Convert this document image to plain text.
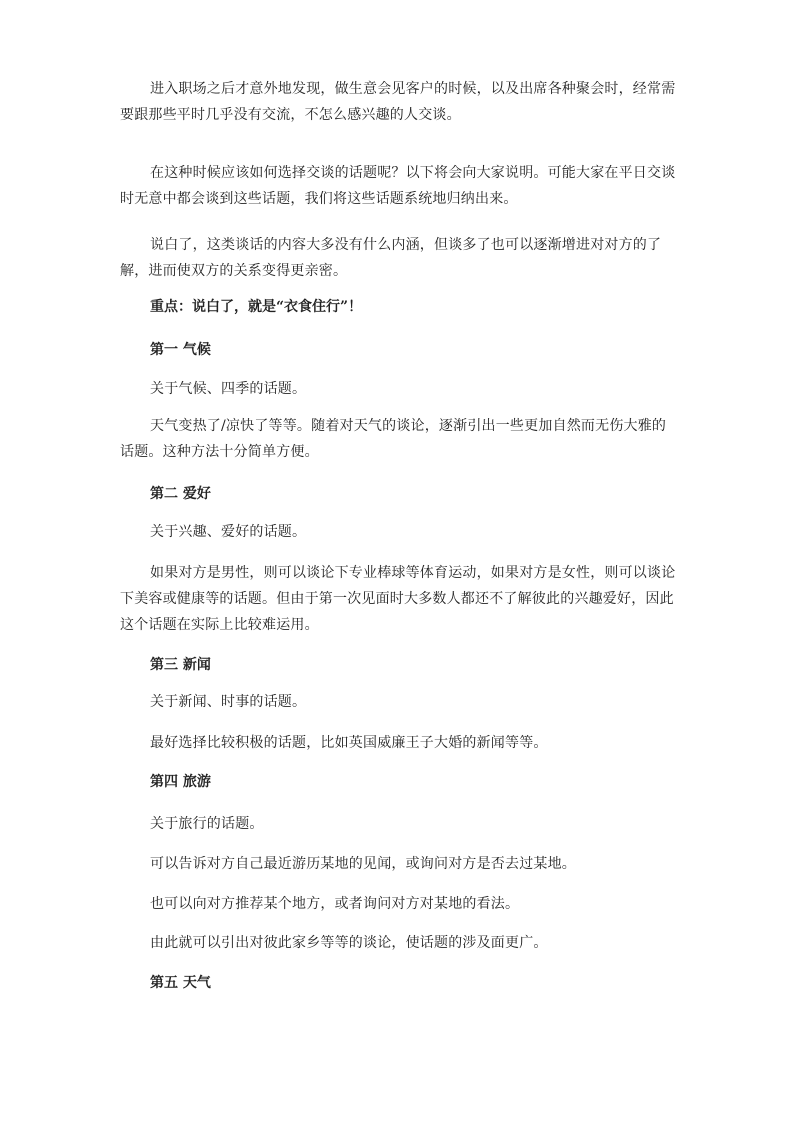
进入职场之后才意外地发现，做生意会见客户的时候，以及出席各种聚会时，经常需要跟那些平时几乎没有交流，不怎么感兴趣的人交谈。

在这种时候应该如何选择交谈的话题呢？以下将会向大家说明。可能大家在平日交谈时无意中都会谈到这些话题，我们将这些话题系统地归纳出来。

说白了，这类谈话的内容大多没有什么内涵，但谈多了也可以逐渐增进对对方的了解，进而使双方的关系变得更亲密。

重点：说白了，就是“衣食住行”！

第一 气候

关于气候、四季的话题。

天气变热了/凉快了等等。随着对天气的谈论，逐渐引出一些更加自然而无伤大雅的话题。这种方法十分简单方便。

第二 爱好

关于兴趣、爱好的话题。

如果对方是男性，则可以谈论下专业棒球等体育运动，如果对方是女性，则可以谈论下美容或健康等的话题。但由于第一次见面时大多数人都还不了解彼此的兴趣爱好，因此这个话题在实际上比较难运用。

第三 新闻

关于新闻、时事的话题。

最好选择比较积极的话题，比如英国威廉王子大婚的新闻等等。

第四 旅游

关于旅行的话题。

可以告诉对方自己最近游历某地的见闻，或询问对方是否去过某地。

也可以向对方推荐某个地方，或者询问对方对某地的看法。

由此就可以引出对彼此家乡等等的谈论，使话题的涉及面更广。

第五 天气
